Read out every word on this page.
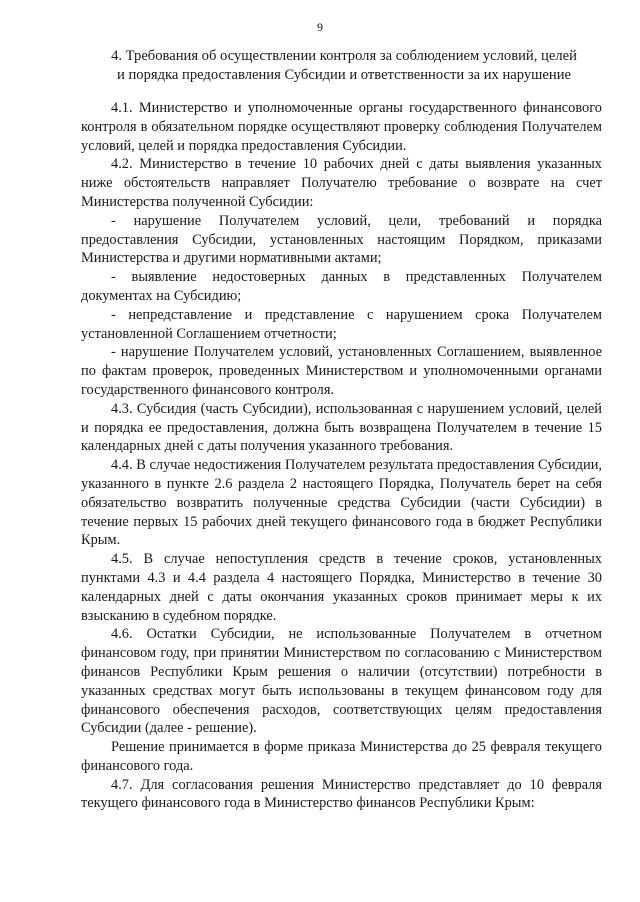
9
4. Требования об осуществлении контроля за соблюдением условий, целей
и порядка предоставления Субсидии и ответственности за их нарушение

4.1. Министерство и уполномоченные органы государственного финансового контроля в обязательном порядке осуществляют проверку соблюдения Получателем условий, целей и порядка предоставления Субсидии.

4.2. Министерство в течение 10 рабочих дней с даты выявления указанных ниже обстоятельств направляет Получателю требование о возврате на счет Министерства полученной Субсидии:

- нарушение Получателем условий, цели, требований и порядка предоставления Субсидии, установленных настоящим Порядком, приказами Министерства и другими нормативными актами;

- выявление недостоверных данных в представленных Получателем документах на Субсидию;

- непредставление и представление с нарушением срока Получателем установленной Соглашением отчетности;

- нарушение Получателем условий, установленных Соглашением, выявленное по фактам проверок, проведенных Министерством и уполномоченными органами государственного финансового контроля.

4.3. Субсидия (часть Субсидии), использованная с нарушением условий, целей и порядка ее предоставления, должна быть возвращена Получателем в течение 15 календарных дней с даты получения указанного требования.

4.4. В случае недостижения Получателем результата предоставления Субсидии, указанного в пункте 2.6 раздела 2 настоящего Порядка, Получатель берет на себя обязательство возвратить полученные средства Субсидии (части Субсидии) в течение первых 15 рабочих дней текущего финансового года в бюджет Республики Крым.

4.5. В случае непоступления средств в течение сроков, установленных пунктами 4.3 и 4.4 раздела 4 настоящего Порядка, Министерство в течение 30 календарных дней с даты окончания указанных сроков принимает меры к их взысканию в судебном порядке.

4.6. Остатки Субсидии, не использованные Получателем в отчетном финансовом году, при принятии Министерством по согласованию с Министерством финансов Республики Крым решения о наличии (отсутствии) потребности в указанных средствах могут быть использованы в текущем финансовом году для финансового обеспечения расходов, соответствующих целям предоставления Субсидии (далее - решение).

Решение принимается в форме приказа Министерства до 25 февраля текущего финансового года.

4.7. Для согласования решения Министерство представляет до 10 февраля текущего финансового года в Министерство финансов Республики Крым:
